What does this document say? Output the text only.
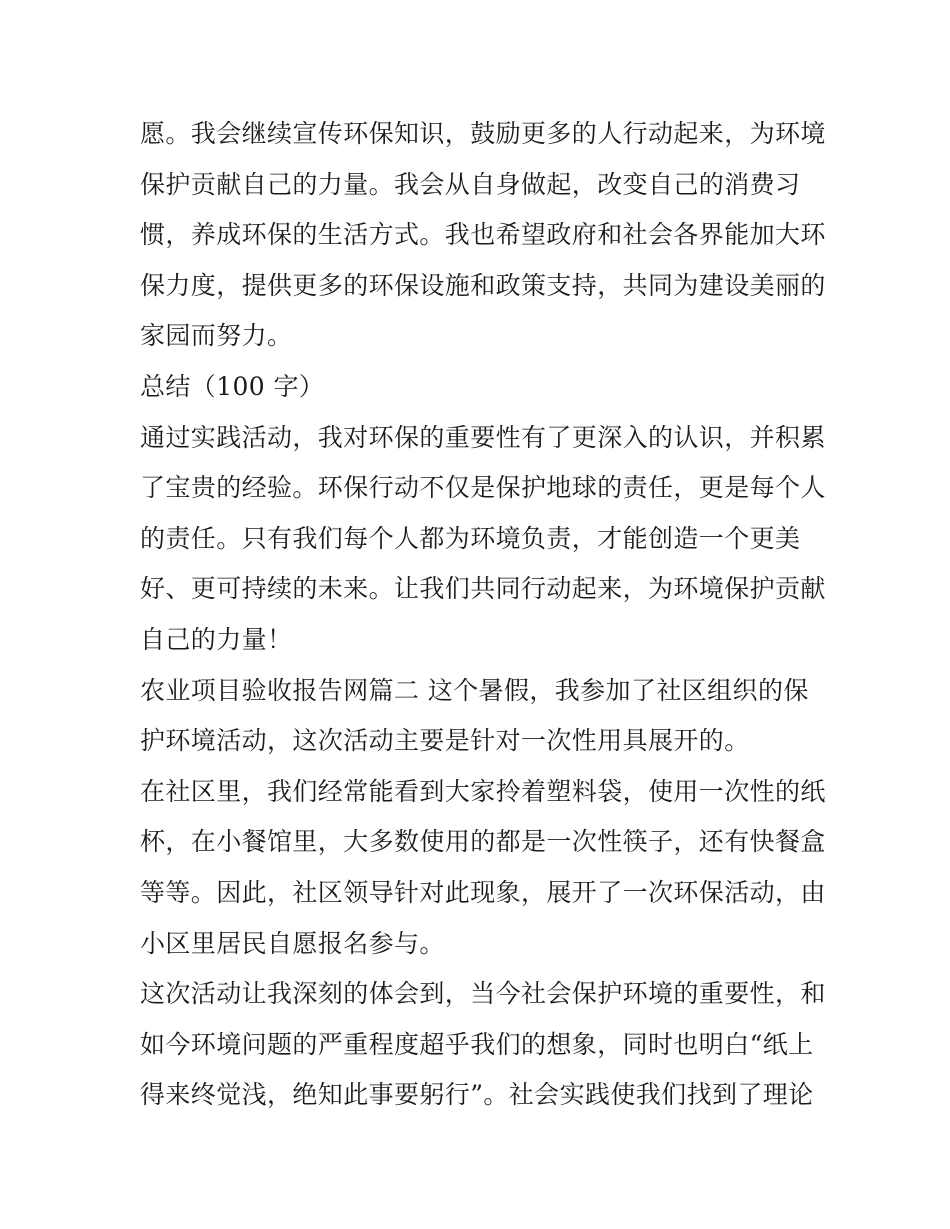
愿。我会继续宣传环保知识，鼓励更多的人行动起来，为环境
保护贡献自己的力量。我会从自身做起，改变自己的消费习
惯，养成环保的生活方式。我也希望政府和社会各界能加大环
保力度，提供更多的环保设施和政策支持，共同为建设美丽的
家园而努力。
总结（100 字）
通过实践活动，我对环保的重要性有了更深入的认识，并积累
了宝贵的经验。环保行动不仅是保护地球的责任，更是每个人
的责任。只有我们每个人都为环境负责，才能创造一个更美
好、更可持续的未来。让我们共同行动起来，为环境保护贡献
自己的力量！
农业项目验收报告网篇二 这个暑假，我参加了社区组织的保
护环境活动，这次活动主要是针对一次性用具展开的。
在社区里，我们经常能看到大家拎着塑料袋，使用一次性的纸
杯，在小餐馆里，大多数使用的都是一次性筷子，还有快餐盒
等等。因此，社区领导针对此现象，展开了一次环保活动，由
小区里居民自愿报名参与。
这次活动让我深刻的体会到，当今社会保护环境的重要性，和
如今环境问题的严重程度超乎我们的想象，同时也明白“纸上
得来终觉浅，绝知此事要躬行”。社会实践使我们找到了理论
